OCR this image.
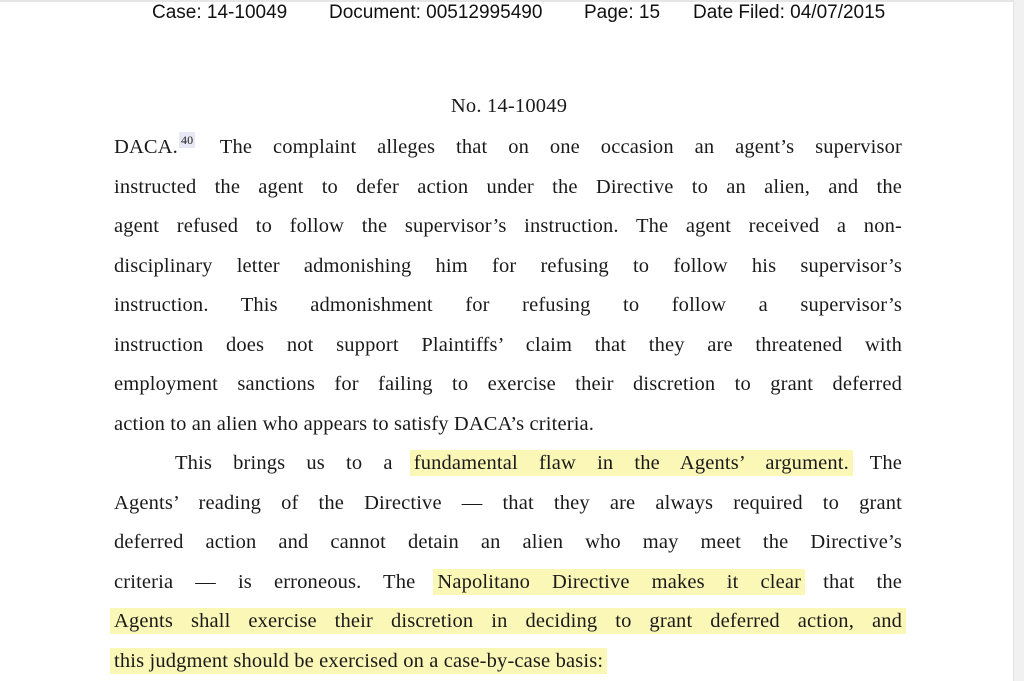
Case: 14-10049 Document: 00512995490 Page: 15 Date Filed: 04/07/2015
No. 14-10049
DACA. $^{40}$ The complaint alleges that on one occasion an agent’s supervisor
instructed the agent to defer action under the Directive to an alien, and the
agent refused to follow the supervisor’s instruction. The agent received a non-
disciplinary letter admonishing him for refusing to follow his supervisor’s
instruction. This admonishment for refusing to follow a supervisor’s
instruction does not support Plaintiffs’ claim that they are threatened with
employment sanctions for failing to exercise their discretion to grant deferred
action to an alien who appears to satisfy DACA’s criteria.
This brings us to a fundamental flaw in the Agents’ argument. The
Agents’ reading of the Directive — that they are always required to grant
deferred action and cannot detain an alien who may meet the Directive’s
criteria — is erroneous. The Napolitano Directive makes it clear that the
Agents shall exercise their discretion in deciding to grant deferred action, and
this judgment should be exercised on a case-by-case basis:
